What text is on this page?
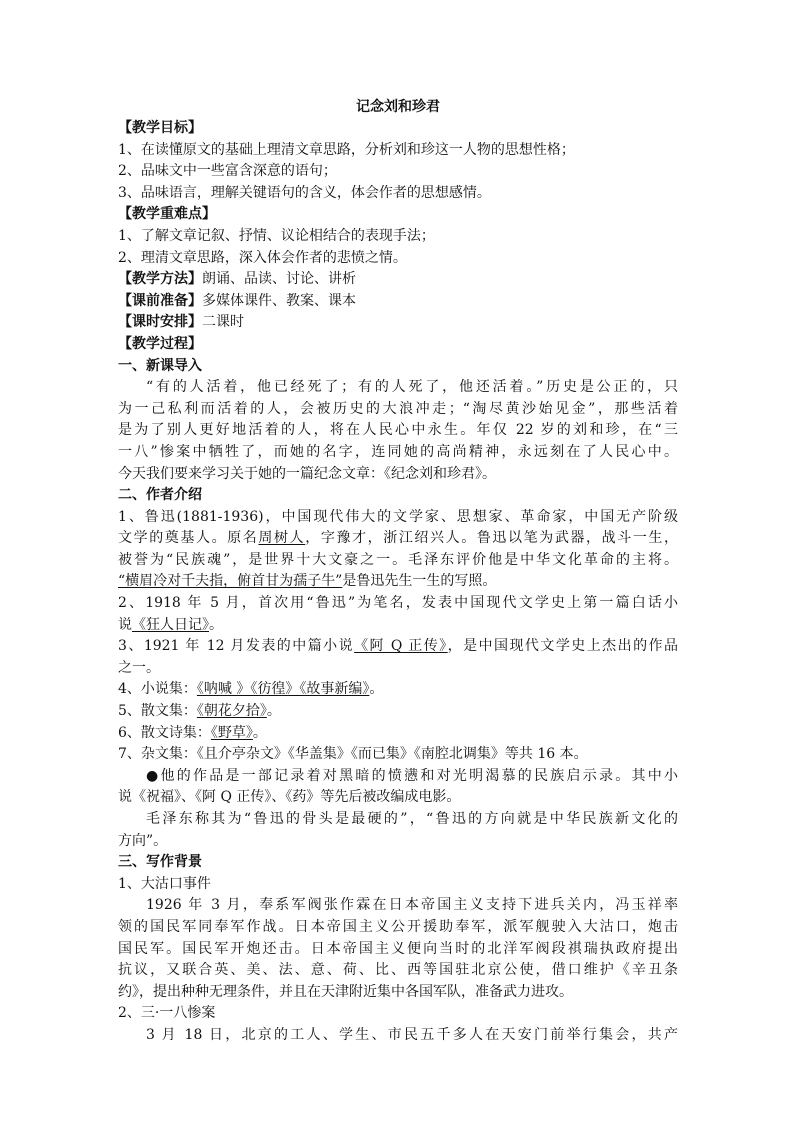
记念刘和珍君
【教学目标】
1、在读懂原文的基础上理清文章思路，分析刘和珍这一人物的思想性格；
2、品味文中一些富含深意的语句；
3、品味语言，理解关键语句的含义，体会作者的思想感情。
【教学重难点】
1、了解文章记叙、抒情、议论相结合的表现手法；
2、理清文章思路，深入体会作者的悲愤之情。
【教学方法】朗诵、品读、讨论、讲析
【课前准备】多媒体课件、教案、课本
【课时安排】二课时
【教学过程】
一、新课导入
“有的人活着，他已经死了；有的人死了，他还活着。”历史是公正的，只
为一己私利而活着的人，会被历史的大浪冲走；“淘尽黄沙始见金”，那些活着
是为了别人更好地活着的人，将在人民心中永生。年仅 22 岁的刘和珍，在“三
一八”惨案中牺牲了，而她的名字，连同她的高尚精神，永远刻在了人民心中。
今天我们要来学习关于她的一篇纪念文章：《纪念刘和珍君》。
二、作者介绍
1、鲁迅(1881-1936)，中国现代伟大的文学家、思想家、革命家，中国无产阶级
文学的奠基人。原名周树人，字豫才，浙江绍兴人。鲁迅以笔为武器，战斗一生，
被誉为“民族魂”，是世界十大文豪之一。毛泽东评价他是中华文化革命的主将。
“横眉冷对千夫指，俯首甘为孺子牛”是鲁迅先生一生的写照。
2、1918 年 5 月，首次用“鲁迅”为笔名，发表中国现代文学史上第一篇白话小
说《狂人日记》。
3、1921 年 12 月发表的中篇小说《阿 Q 正传》，是中国现代文学史上杰出的作品
之一。
4、小说集：《呐喊 》《彷徨》《故事新编》。
5、散文集：《朝花夕拾》。
6、散文诗集：《野草》。
7、杂文集：《且介亭杂文》《华盖集》《而已集》《南腔北调集》等共 16 本。
●他的作品是一部记录着对黑暗的愤懑和对光明渴慕的民族启示录。其中小
说《祝福》、《阿 Q 正传》、《药》等先后被改编成电影。
毛泽东称其为“鲁迅的骨头是最硬的”，“鲁迅的方向就是中华民族新文化的
方向”。
三、写作背景
1、大沽口事件
1926 年 3 月，奉系军阀张作霖在日本帝国主义支持下进兵关内，冯玉祥率
领的国民军同奉军作战。日本帝国主义公开援助奉军，派军舰驶入大沽口，炮击
国民军。国民军开炮还击。日本帝国主义便向当时的北洋军阀段祺瑞执政府提出
抗议，又联合英、美、法、意、荷、比、西等国驻北京公使，借口维护《辛丑条
约》，提出种种无理条件，并且在天津附近集中各国军队，准备武力进攻。
2、三·一八惨案
3 月 18 日，北京的工人、学生、市民五千多人在天安门前举行集会，共产
